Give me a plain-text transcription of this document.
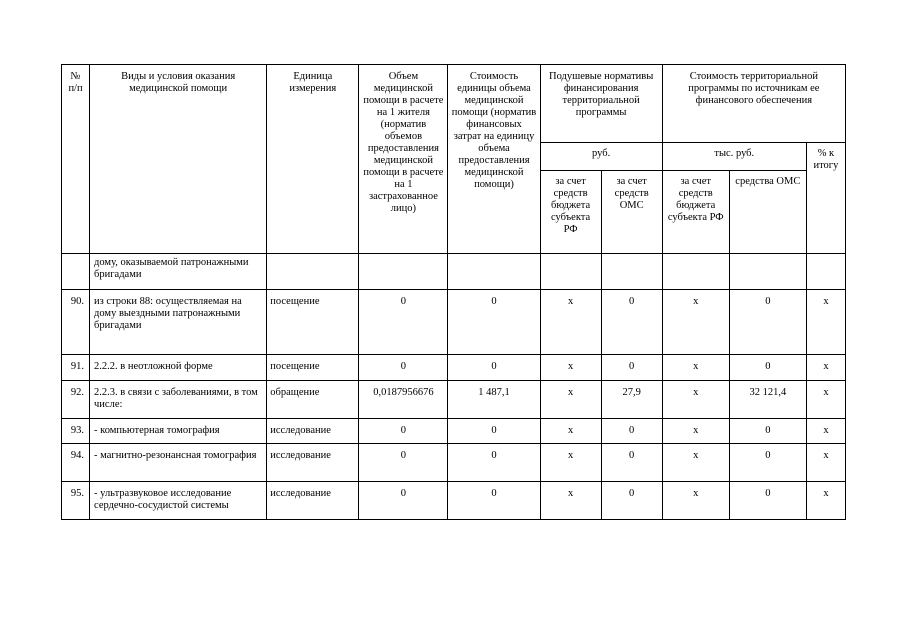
№ п/п	Виды и условия оказания медицинской помощи	Единица измерения	Объем медицинской помощи в расчете на 1 жителя (норматив объемов предоставления медицинской помощи в расчете на 1 застрахованное лицо)	Стоимость единицы объема медицинской помощи (норматив финансовых затрат на единицу объема предоставления медицинской помощи)	Подушевые нормативы финансирования территориальной программы		Стоимость территориальной программы по источникам ее финансового обеспечения		
					руб.		тыс. руб.		% к итогу
					за счет средств бюджета субъекта РФ	за счет средств ОМС	за счет средств бюджета субъекта РФ	средства ОМС	
	дому, оказываемой патронажными бригадами								
90.	из строки 88: осуществляемая на дому выездными патронажными бригадами	посещение	0	0	х	0	х	0	х
91.	2.2.2. в неотложной форме	посещение	0	0	х	0	х	0	х
92.	2.2.3. в связи с заболеваниями, в том числе:	обращение	0,0187956676	1 487,1	х	27,9	х	32 121,4	х
93.	- компьютерная томография	исследование	0	0	х	0	х	0	х
94.	- магнитно-резонансная томография	исследование	0	0	х	0	х	0	х
95.	- ультразвуковое исследование сердечно-сосудистой системы	исследование	0	0	х	0	х	0	х
